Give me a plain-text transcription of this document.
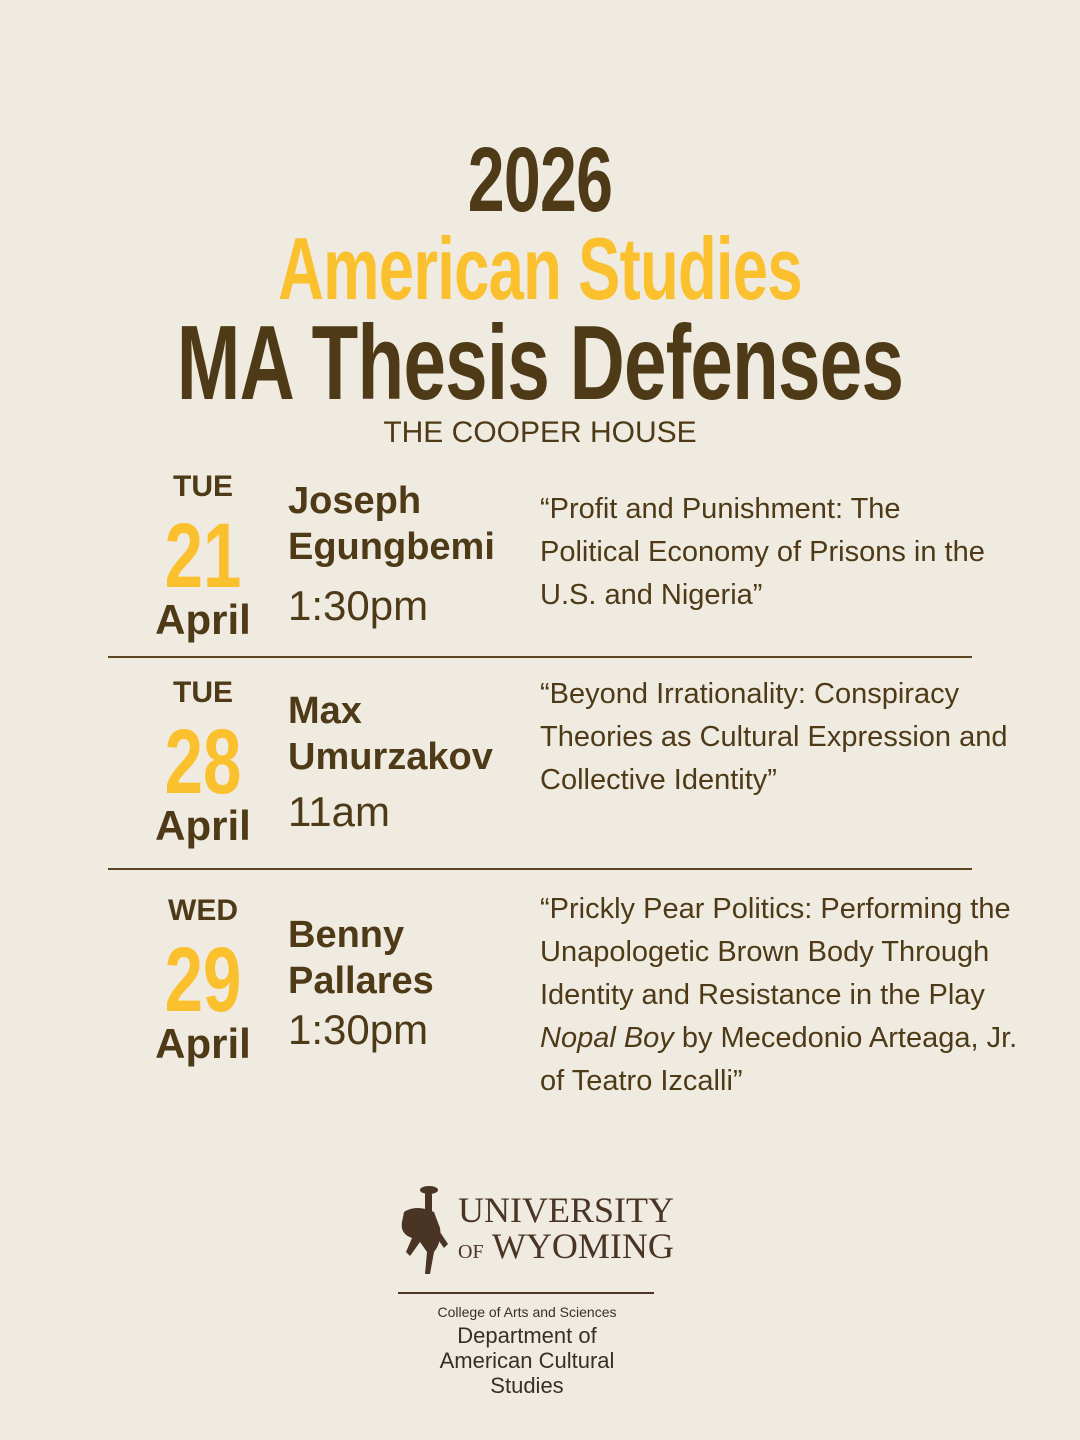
2026
American Studies
MA Thesis Defenses
THE COOPER HOUSE
TUE
21
April
Joseph
Egungbemi
1:30pm
“Profit and Punishment: The Political Economy of Prisons in the U.S. and Nigeria”
TUE
28
April
Max
Umurzakov
11am
“Beyond Irrationality: Conspiracy Theories as Cultural Expression and Collective Identity”
WED
29
April
Benny
Pallares
1:30pm
“Prickly Pear Politics: Performing the Unapologetic Brown Body Through Identity and Resistance in the Play Nopal Boy by Mecedonio Arteaga, Jr. of Teatro Izcalli”
UNIVERSITY
OF WYOMING
College of Arts and Sciences
Department of American Cultural Studies
